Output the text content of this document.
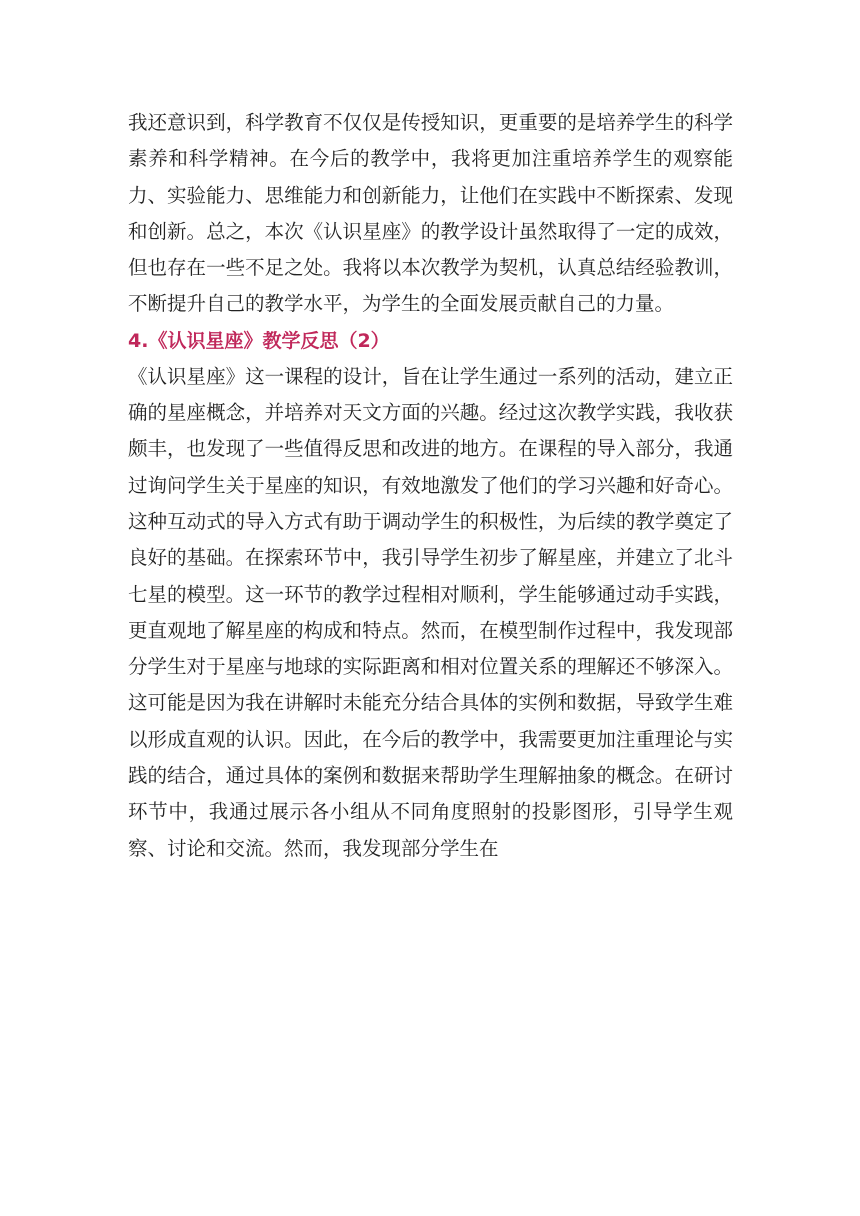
我还意识到，科学教育不仅仅是传授知识，更重要的是培养学生的科学素养和科学精神。在今后的教学中，我将更加注重培养学生的观察能力、实验能力、思维能力和创新能力，让他们在实践中不断探索、发现和创新。总之，本次《认识星座》的教学设计虽然取得了一定的成效，但也存在一些不足之处。我将以本次教学为契机，认真总结经验教训，不断提升自己的教学水平，为学生的全面发展贡献自己的力量。

4.《认识星座》教学反思（2）

《认识星座》这一课程的设计，旨在让学生通过一系列的活动，建立正确的星座概念，并培养对天文方面的兴趣。经过这次教学实践，我收获颇丰，也发现了一些值得反思和改进的地方。在课程的导入部分，我通过询问学生关于星座的知识，有效地激发了他们的学习兴趣和好奇心。这种互动式的导入方式有助于调动学生的积极性，为后续的教学奠定了良好的基础。在探索环节中，我引导学生初步了解星座，并建立了北斗七星的模型。这一环节的教学过程相对顺利，学生能够通过动手实践，更直观地了解星座的构成和特点。然而，在模型制作过程中，我发现部分学生对于星座与地球的实际距离和相对位置关系的理解还不够深入。这可能是因为我在讲解时未能充分结合具体的实例和数据，导致学生难以形成直观的认识。因此，在今后的教学中，我需要更加注重理论与实践的结合，通过具体的案例和数据来帮助学生理解抽象的概念。在研讨环节中，我通过展示各小组从不同角度照射的投影图形，引导学生观察、讨论和交流。然而，我发现部分学生在
